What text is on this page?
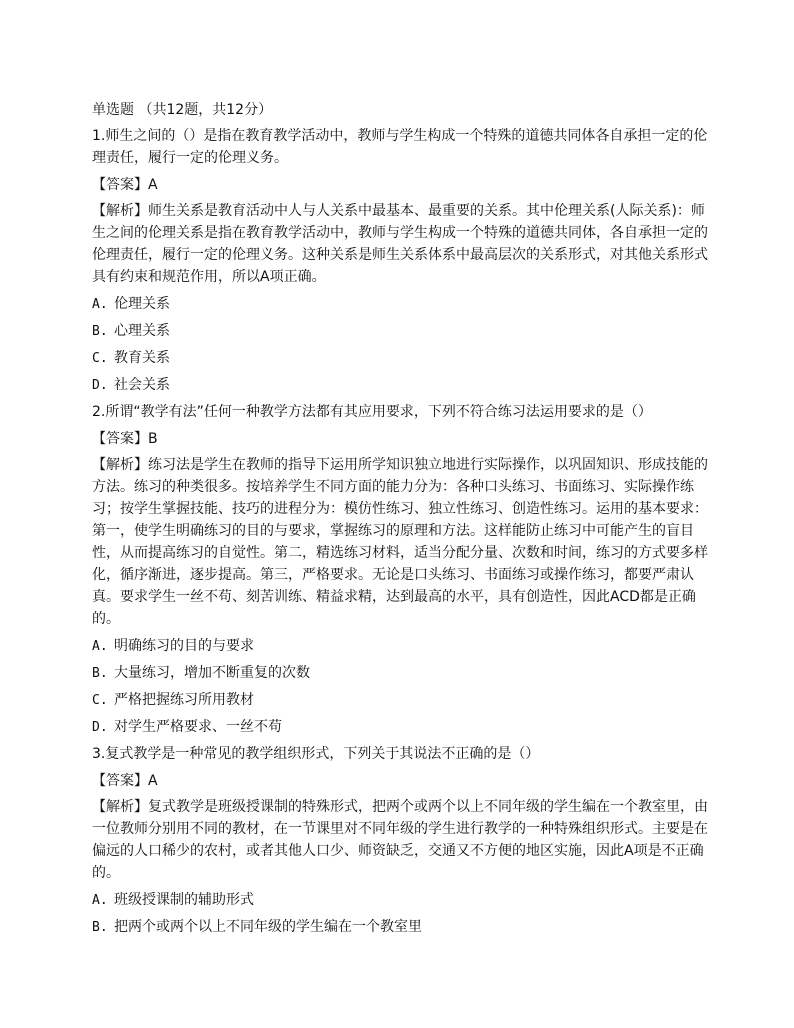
单选题 （共12题，共12分）
1.师生之间的（）是指在教育教学活动中，教师与学生构成一个特殊的道德共同体各自承担一定的伦理责任，履行一定的伦理义务。
【答案】A
【解析】师生关系是教育活动中人与人关系中最基本、最重要的关系。其中伦理关系(人际关系)：师生之间的伦理关系是指在教育教学活动中，教师与学生构成一个特殊的道德共同体，各自承担一定的伦理责任，履行一定的伦理义务。这种关系是师生关系体系中最高层次的关系形式，对其他关系形式具有约束和规范作用，所以A项正确。
A. 伦理关系
B. 心理关系
C. 教育关系
D. 社会关系
2.所谓“教学有法”任何一种教学方法都有其应用要求，下列不符合练习法运用要求的是（）
【答案】B
【解析】练习法是学生在教师的指导下运用所学知识独立地进行实际操作，以巩固知识、形成技能的方法。练习的种类很多。按培养学生不同方面的能力分为：各种口头练习、书面练习、实际操作练习；按学生掌握技能、技巧的进程分为：模仿性练习、独立性练习、创造性练习。运用的基本要求：第一，使学生明确练习的目的与要求，掌握练习的原理和方法。这样能防止练习中可能产生的盲目性，从而提高练习的自觉性。第二，精选练习材料，适当分配分量、次数和时间，练习的方式要多样化，循序渐进，逐步提高。第三，严格要求。无论是口头练习、书面练习或操作练习，都要严肃认真。要求学生一丝不苟、刻苦训练、精益求精，达到最高的水平，具有创造性，因此ACD都是正确的。
A. 明确练习的目的与要求
B. 大量练习，增加不断重复的次数
C. 严格把握练习所用教材
D. 对学生严格要求、一丝不苟
3.复式教学是一种常见的教学组织形式，下列关于其说法不正确的是（）
【答案】A
【解析】复式教学是班级授课制的特殊形式，把两个或两个以上不同年级的学生编在一个教室里，由一位教师分别用不同的教材，在一节课里对不同年级的学生进行教学的一种特殊组织形式。主要是在偏远的人口稀少的农村，或者其他人口少、师资缺乏，交通又不方便的地区实施，因此A项是不正确的。
A. 班级授课制的辅助形式
B. 把两个或两个以上不同年级的学生编在一个教室里
